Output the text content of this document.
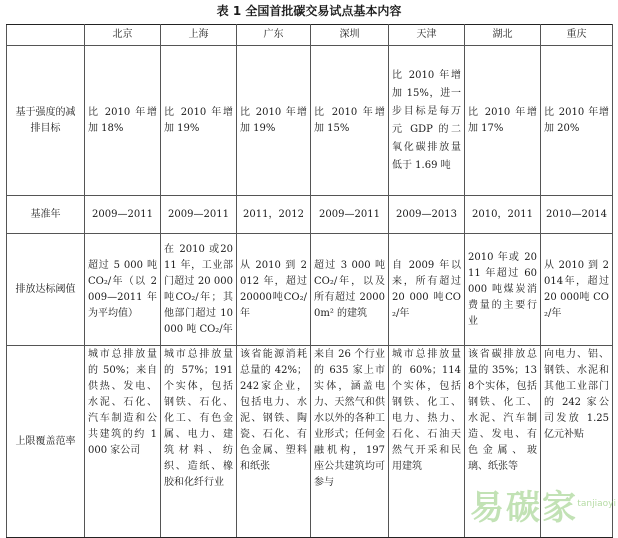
表 1 全国首批碳交易试点基本内容
	北京	上海	广东	深圳	天津	湖北	重庆
基于强度的减排目标	比 2010 年增加 18%	比 2010 年增加 19%	比 2010 年增加 19%	比 2010 年增加 15%	比 2010 年增加 15%，进一步目标是每万元 GDP 的二氧化碳排放量低于 1.69 吨	比 2010 年增加 17%	比 2010 年增加 20%
基准年	2009—2011	2009—2011	2011，2012	2009—2011	2009—2013	2010，2011	2010—2014
排放达标阈值	超过 5 000 吨CO₂/年（以 2009—2011 年为平均值）	在 2010 或2011 年，工业部门超过 20 000 吨CO₂/年；其他部门超过 10 000 吨 CO₂/年	从 2010 到 2012 年，超过 20000吨CO₂/年	超过 3 000 吨CO₂/年，以及所有超过 20000m² 的建筑	自 2009 年以来，所有超过 20 000 吨CO₂/年	2010 年或 2011 年超过 60 000 吨煤炭消费量的主要行业	从 2010 到 2014年，超过20 000吨 CO₂/年
上限覆盖范率	城市总排放量的 50%；来自供热、发电、水泥、石化、汽车制造和公共建筑的约 1 000 家公司	城市总排放量的 57%；191个实体，包括钢铁、石化、化工、有色金属、电力、建筑材料、纺织、造纸、橡胶和化纤行业	该省能源消耗总量的 42%；242家企业，包括电力、水泥、钢铁、陶瓷、石化、有色金属、塑料和纸张	来自 26 个行业的 635 家上市实体，涵盖电力、天然气和供水以外的各种工业形式；任何金融机构，197 座公共建筑均可参与	城市总排放量的 60%；114 个实体，包括钢铁、化工、电力、热力、石化、石油天然气开采和民用建筑	该省碳排放总量的 35%；138个实体，包括钢铁、化工、水泥、汽车制造、发电、有色金属、玻璃、纸张等	向电力、铝、钢铁、水泥和其他工业部门的 242 家公司发放 1.25 亿元补贴
易碳家 tanjiaoyi
